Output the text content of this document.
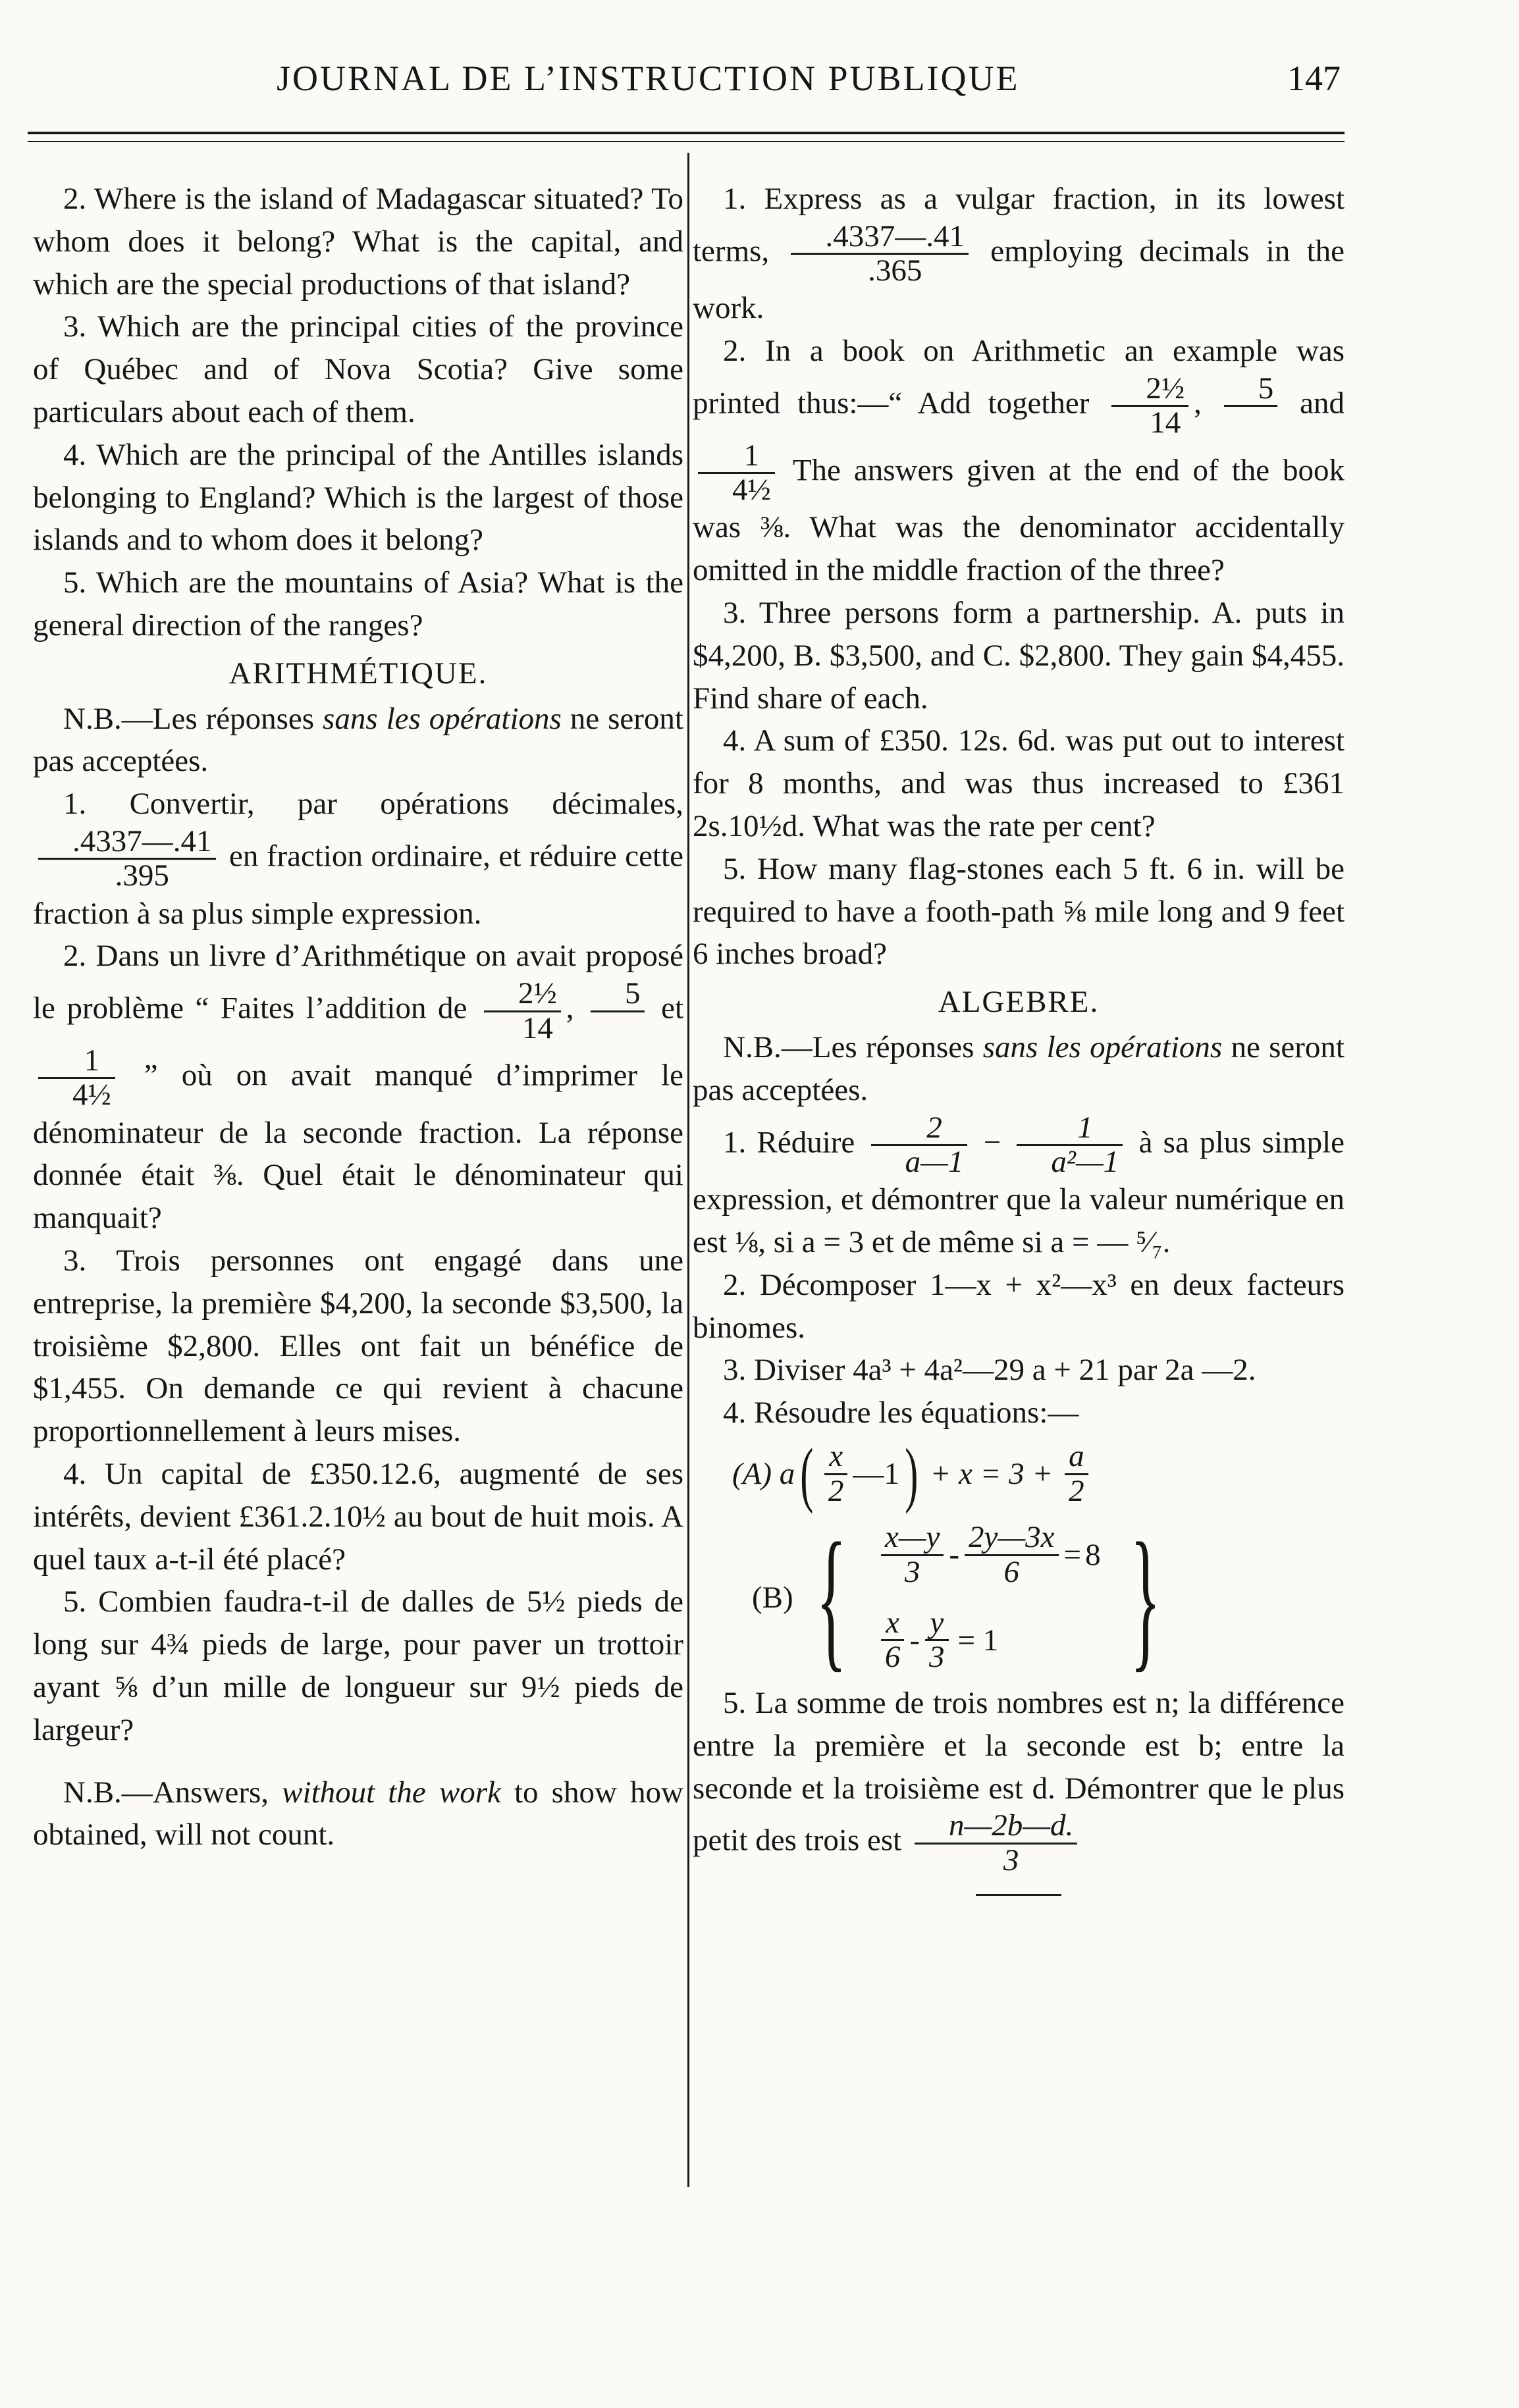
JOURNAL DE L’INSTRUCTION PUBLIQUE	147

2. Where is the island of Madagascar situated? To whom does it belong? What is the capital, and which are the special productions of that island?

3. Which are the principal cities of the province of Québec and of Nova Scotia? Give some particulars about each of them.

4. Which are the principal of the Antilles islands belonging to England? Which is the largest of those islands and to whom does it belong?

5. Which are the mountains of Asia? What is the general direction of the ranges?

ARITHMÉTIQUE.

N.B.—Les réponses sans les opérations ne seront pas acceptées.

1. Convertir, par opérations décimales,
$\frac{.4337—.41}{.395}$ en fraction ordinaire, et réduire cette fraction à sa plus simple expression.

2. Dans un livre d’Arithmétique on avait proposé le problème “ Faites l’addition de $\frac{\text{2½}}{14}$ ,	5
et
$\frac{1}{\text{4½}}$ ” où on avait manqué d’imprimer le dénominateur de la seconde fraction. La réponse donnée était ⅜. Quel était le dénominateur qui manquait?

3. Trois personnes ont engagé dans une entreprise, la première $4,200, la seconde $3,500, la troisième $2,800. Elles ont fait un bénéfice de $1,455. On demande ce qui revient à chacune proportionnellement à leurs mises.

4. Un capital de £350.12.6, augmenté de ses intérêts, devient £361.2.10½ au bout de huit mois. A quel taux a-t-il été placé?

5. Combien faudra-t-il de dalles de 5½ pieds de long sur 4¾ pieds de large, pour paver un trottoir ayant ⅝ d’un mille de longueur sur 9½ pieds de largeur?

N.B.—Answers, without the work to show how obtained, will not count.

1. Express as a vulgar fraction, in its lowest terms, $\frac{.4337—.41}{.365}$ employing decimals in the work.

2. In a book on Arithmetic an example was printed thus:—“ Add together $\frac{\text{2½}}{14}$ ,	5
and
$\frac{1}{\text{4½}}$ The answers given at the end of the book was ⅜. What was the denominator accidentally omitted in the middle fraction of the three?

3. Three persons form a partnership. A. puts in $4,200, B. $3,500, and C. $2,800. They gain $4,455. Find share of each.

4. A sum of £350. 12s. 6d. was put out to interest for 8 months, and was thus increased to £361 2s.10½d. What was the rate per cent?

5. How many flag-stones each 5 ft. 6 in. will be required to have a footh-path ⅝ mile long and 9 feet 6 inches broad?

ALGEBRE.

N.B.—Les réponses sans les opérations ne seront pas acceptées.

1. Réduire $\frac{2}{a—1} - \frac{1}{\text{a²—1}}$ à sa plus simple expression, et démontrer que la valeur numérique en est ⅛, si a = 3 et de même si a = — ⁵⁄₇.

2. Décomposer 1—x + x²—x³ en deux facteurs binomes.

3. Diviser 4a³ + 4a²—29 a + 21 par 2a —2.

4. Résoudre les équations:—

(A) a ( $\frac{x}{2}$ —1 ) + $x = 3 + \frac{a}{2}$
(B) { $\frac{x—y}{3} - \frac{2y—3x}{6} = 8$
$\frac{x}{6} - \frac{y}{3} = 1$ }

5. La somme de trois nombres est n; la différence entre la première et la seconde est b; entre la seconde et la troisième est d. Démontrer que le plus petit des trois est $\frac{n—2b—d.}{3}$
